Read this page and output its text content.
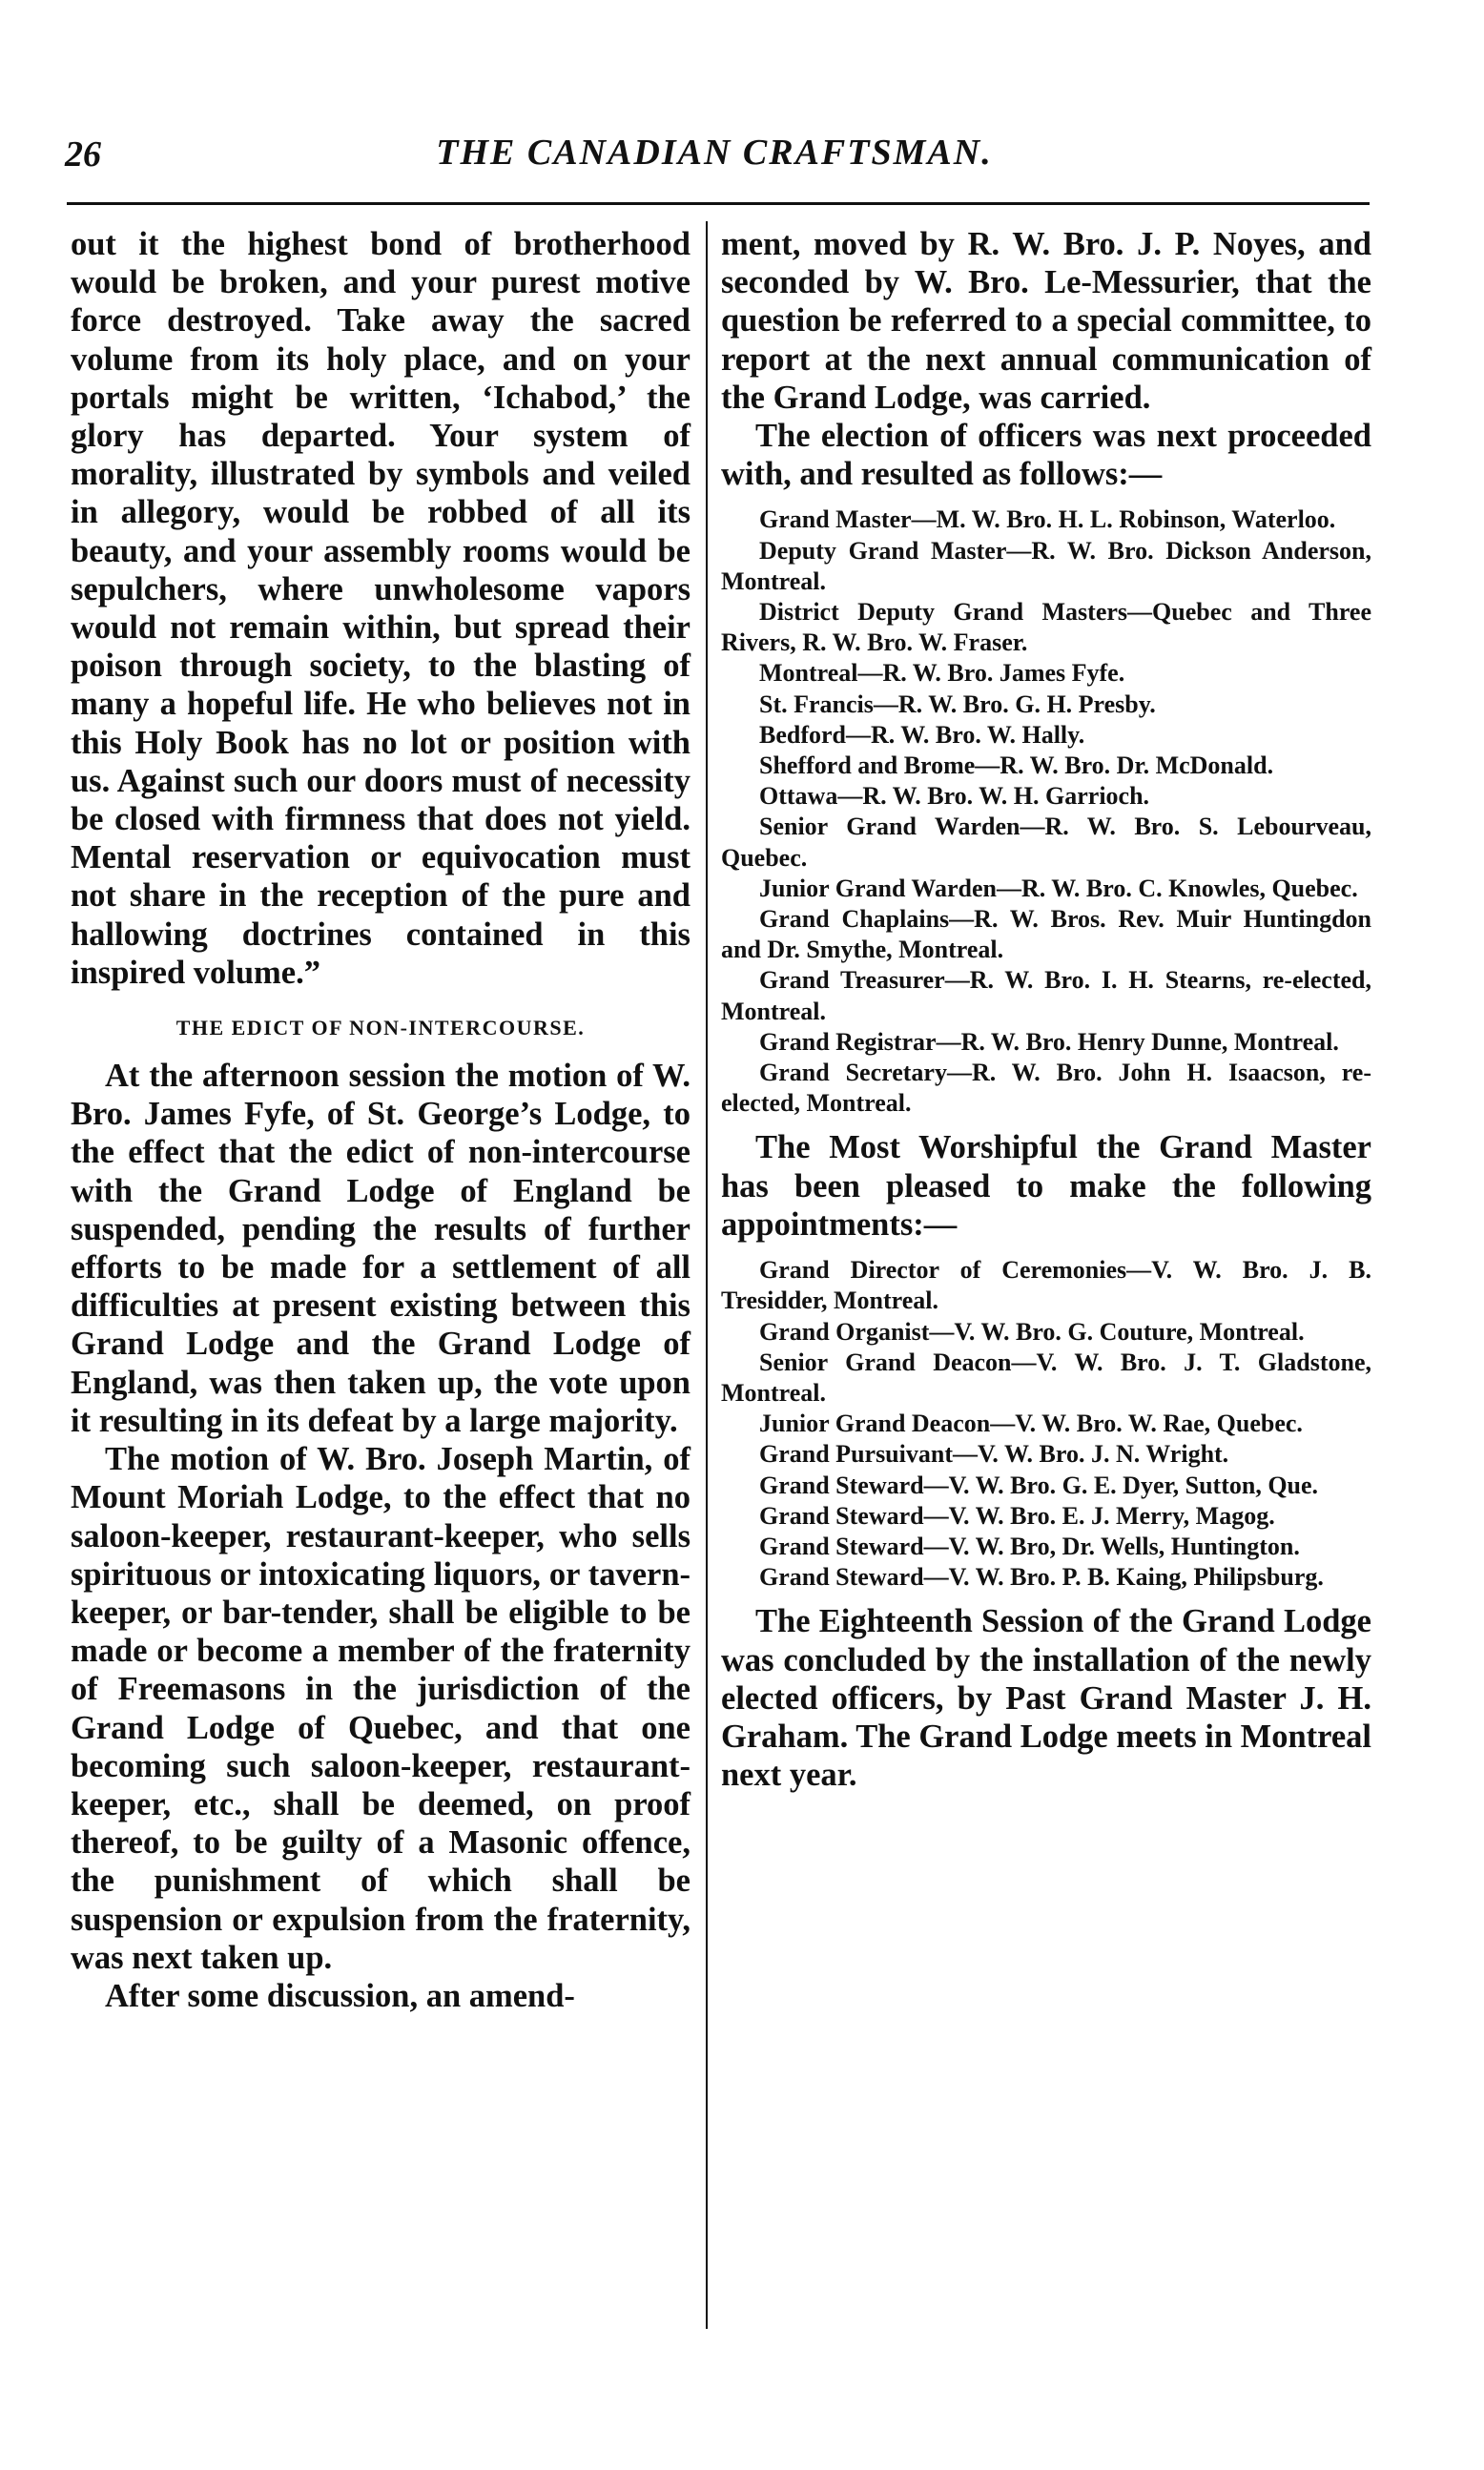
26	THE CANADIAN CRAFTSMAN.

out it the highest bond of brotherhood would be broken, and your purest motive force destroyed. Take away the sacred volume from its holy place, and on your portals might be written, ‘Ichabod,’ the glory has departed. Your system of morality, illustrated by symbols and veiled in allegory, would be robbed of all its beauty, and your assembly rooms would be sepulchers, where unwholesome vapors would not remain within, but spread their poison through society, to the blasting of many a hopeful life. He who believes not in this Holy Book has no lot or position with us. Against such our doors must of necessity be closed with firmness that does not yield. Mental reservation or equivocation must not share in the reception of the pure and hallowing doctrines contained in this inspired volume.”

THE EDICT OF NON-INTERCOURSE.

At the afternoon session the motion of W. Bro. James Fyfe, of St. George’s Lodge, to the effect that the edict of non-intercourse with the Grand Lodge of England be suspended, pending the results of further efforts to be made for a settlement of all difficulties at present existing between this Grand Lodge and the Grand Lodge of England, was then taken up, the vote upon it resulting in its defeat by a large majority.

The motion of W. Bro. Joseph Martin, of Mount Moriah Lodge, to the effect that no saloon-keeper, restaurant-keeper, who sells spirituous or intoxicating liquors, or tavern-keeper, or bar-tender, shall be eligible to be made or become a member of the fraternity of Freemasons in the jurisdiction of the Grand Lodge of Quebec, and that one becoming such saloon-keeper, restaurant-keeper, etc., shall be deemed, on proof thereof, to be guilty of a Masonic offence, the punishment of which shall be suspension or expulsion from the fraternity, was next taken up.

After some discussion, an amend-

ment, moved by R. W. Bro. J. P. Noyes, and seconded by W. Bro. Le-Messurier, that the question be referred to a special committee, to report at the next annual communication of the Grand Lodge, was carried.

The election of officers was next proceeded with, and resulted as follows:—

Grand Master—M. W. Bro. H. L. Robinson, Waterloo.

Deputy Grand Master—R. W. Bro. Dickson Anderson, Montreal.

District Deputy Grand Masters—Quebec and Three Rivers, R. W. Bro. W. Fraser.

Montreal—R. W. Bro. James Fyfe.

St. Francis—R. W. Bro. G. H. Presby.

Bedford—R. W. Bro. W. Hally.

Shefford and Brome—R. W. Bro. Dr. McDonald.

Ottawa—R. W. Bro. W. H. Garrioch.

Senior Grand Warden—R. W. Bro. S. Lebourveau, Quebec.

Junior Grand Warden—R. W. Bro. C. Knowles, Quebec.

Grand Chaplains—R. W. Bros. Rev. Muir Huntingdon and Dr. Smythe, Montreal.

Grand Treasurer—R. W. Bro. I. H. Stearns, re-elected, Montreal.

Grand Registrar—R. W. Bro. Henry Dunne, Montreal.

Grand Secretary—R. W. Bro. John H. Isaacson, re-elected, Montreal.

The Most Worshipful the Grand Master has been pleased to make the following appointments:—

Grand Director of Ceremonies—V. W. Bro. J. B. Tresidder, Montreal.

Grand Organist—V. W. Bro. G. Couture, Montreal.

Senior Grand Deacon—V. W. Bro. J. T. Gladstone, Montreal.

Junior Grand Deacon—V. W. Bro. W. Rae, Quebec.

Grand Pursuivant—V. W. Bro. J. N. Wright.

Grand Steward—V. W. Bro. G. E. Dyer, Sutton, Que.

Grand Steward—V. W. Bro. E. J. Merry, Magog.

Grand Steward—V. W. Bro, Dr. Wells, Huntington.

Grand Steward—V. W. Bro. P. B. Kaing, Philipsburg.

The Eighteenth Session of the Grand Lodge was concluded by the installation of the newly elected officers, by Past Grand Master J. H. Graham. The Grand Lodge meets in Montreal next year.
